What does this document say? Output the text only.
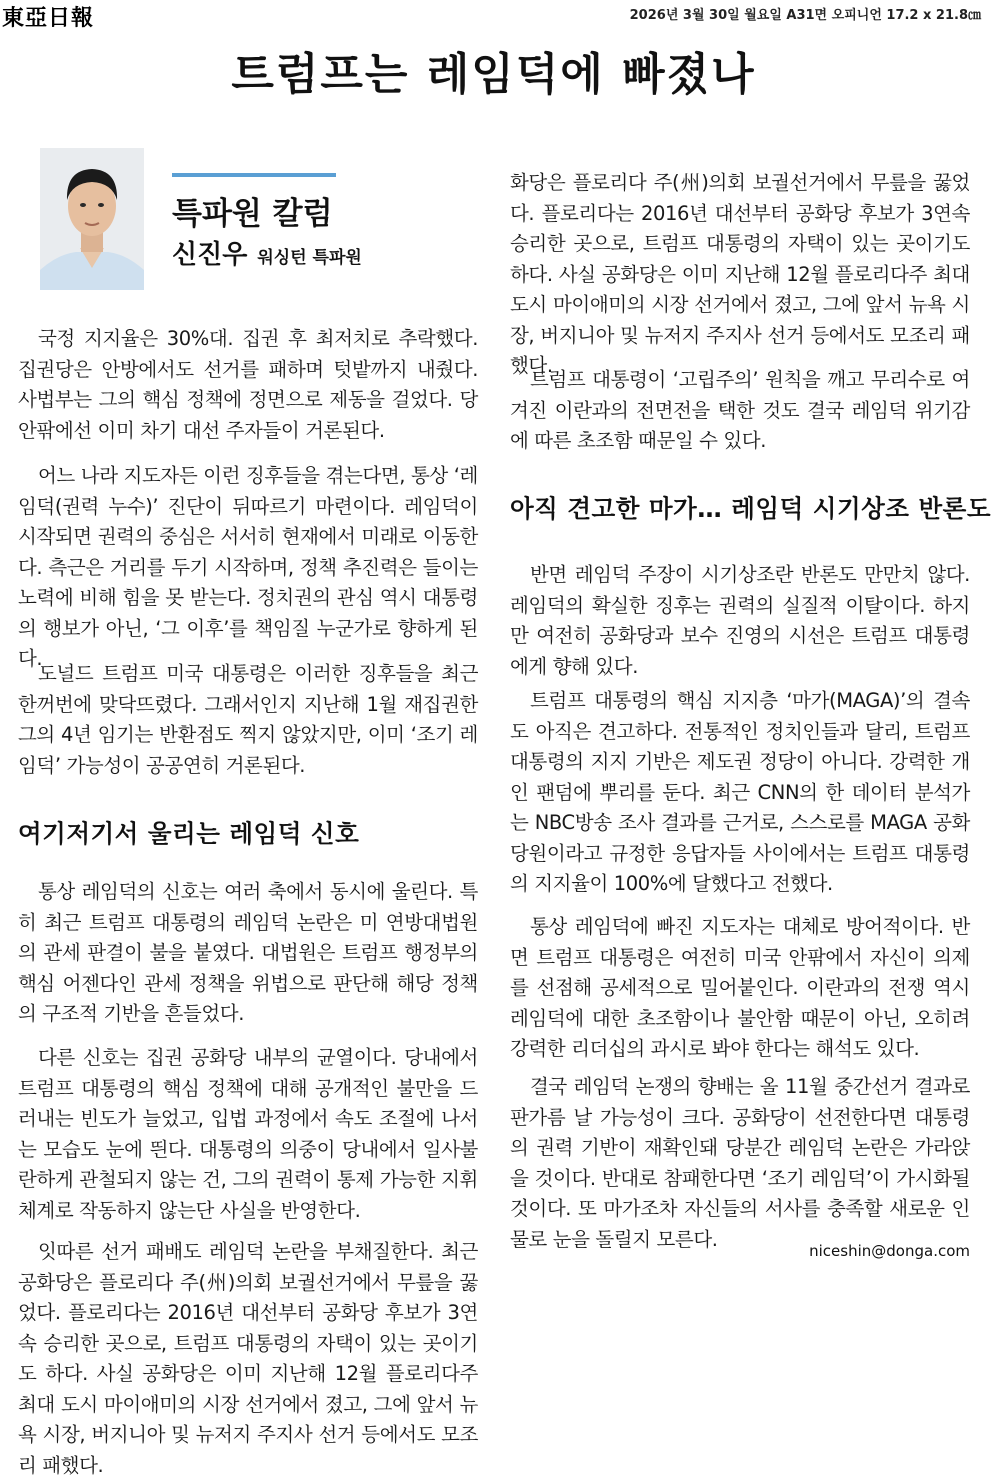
東亞日報	2026년 3월 30일 월요일 A31면 오피니언 17.2 x 21.8㎝
트럼프는 레임덕에 빠졌나
특파원 칼럼
신진우 워싱턴 특파원

국정 지지율은 30%대. 집권 후 최저치로 추락했다. 집권당은 안방에서도 선거를 패하며 텃밭까지 내줬다. 사법부는 그의 핵심 정책에 정면으로 제동을 걸었다. 당 안팎에선 이미 차기 대선 주자들이 거론된다.

어느 나라 지도자든 이런 징후들을 겪는다면, 통상 ‘레임덕(권력 누수)’ 진단이 뒤따르기 마련이다. 레임덕이 시작되면 권력의 중심은 서서히 현재에서 미래로 이동한다. 측근은 거리를 두기 시작하며, 정책 추진력은 들이는 노력에 비해 힘을 못 받는다. 정치권의 관심 역시 대통령의 행보가 아닌, ‘그 이후’를 책임질 누군가로 향하게 된다.

도널드 트럼프 미국 대통령은 이러한 징후들을 최근 한꺼번에 맞닥뜨렸다. 그래서인지 지난해 1월 재집권한 그의 4년 임기는 반환점도 찍지 않았지만, 이미 ‘조기 레임덕’ 가능성이 공공연히 거론된다.

여기저기서 울리는 레임덕 신호

통상 레임덕의 신호는 여러 축에서 동시에 울린다. 특히 최근 트럼프 대통령의 레임덕 논란은 미 연방대법원의 관세 판결이 불을 붙였다. 대법원은 트럼프 행정부의 핵심 어젠다인 관세 정책을 위법으로 판단해 해당 정책의 구조적 기반을 흔들었다.

다른 신호는 집권 공화당 내부의 균열이다. 당내에서 트럼프 대통령의 핵심 정책에 대해 공개적인 불만을 드러내는 빈도가 늘었고, 입법 과정에서 속도 조절에 나서는 모습도 눈에 띈다. 대통령의 의중이 당내에서 일사불란하게 관철되지 않는 건, 그의 권력이 통제 가능한 지휘 체계로 작동하지 않는단 사실을 반영한다.

잇따른 선거 패배도 레임덕 논란을 부채질한다. 최근 공화당은 플로리다 주(州)의회 보궐선거에서 무릎을 꿇었다. 플로리다는 2016년 대선부터 공화당 후보가 3연속 승리한 곳으로, 트럼프 대통령의 자택이 있는 곳이기도 하다. 사실 공화당은 이미 지난해 12월 플로리다주 최대 도시 마이애미의 시장 선거에서 졌고, 그에 앞서 뉴욕 시장, 버지니아 및 뉴저지 주지사 선거 등에서도 모조리 패했다.

화당은 플로리다 주(州)의회 보궐선거에서 무릎을 꿇었다. 플로리다는 2016년 대선부터 공화당 후보가 3연속 승리한 곳으로, 트럼프 대통령의 자택이 있는 곳이기도 하다. 사실 공화당은 이미 지난해 12월 플로리다주 최대 도시 마이애미의 시장 선거에서 졌고, 그에 앞서 뉴욕 시장, 버지니아 및 뉴저지 주지사 선거 등에서도 모조리 패했다.

트럼프 대통령이 ‘고립주의’ 원칙을 깨고 무리수로 여겨진 이란과의 전면전을 택한 것도 결국 레임덕 위기감에 따른 초조함 때문일 수 있다.

아직 견고한 마가… 레임덕 시기상조 반론도

반면 레임덕 주장이 시기상조란 반론도 만만치 않다. 레임덕의 확실한 징후는 권력의 실질적 이탈이다. 하지만 여전히 공화당과 보수 진영의 시선은 트럼프 대통령에게 향해 있다.

트럼프 대통령의 핵심 지지층 ‘마가(MAGA)’의 결속도 아직은 견고하다. 전통적인 정치인들과 달리, 트럼프 대통령의 지지 기반은 제도권 정당이 아니다. 강력한 개인 팬덤에 뿌리를 둔다. 최근 CNN의 한 데이터 분석가는 NBC방송 조사 결과를 근거로, 스스로를 MAGA 공화당원이라고 규정한 응답자들 사이에서는 트럼프 대통령의 지지율이 100%에 달했다고 전했다.

통상 레임덕에 빠진 지도자는 대체로 방어적이다. 반면 트럼프 대통령은 여전히 미국 안팎에서 자신이 의제를 선점해 공세적으로 밀어붙인다. 이란과의 전쟁 역시 레임덕에 대한 초조함이나 불안함 때문이 아닌, 오히려 강력한 리더십의 과시로 봐야 한다는 해석도 있다.

결국 레임덕 논쟁의 향배는 올 11월 중간선거 결과로 판가름 날 가능성이 크다. 공화당이 선전한다면 대통령의 권력 기반이 재확인돼 당분간 레임덕 논란은 가라앉을 것이다. 반대로 참패한다면 ‘조기 레임덕’이 가시화될 것이다. 또 마가조차 자신들의 서사를 충족할 새로운 인물로 눈을 돌릴지 모른다.

niceshin@donga.com
